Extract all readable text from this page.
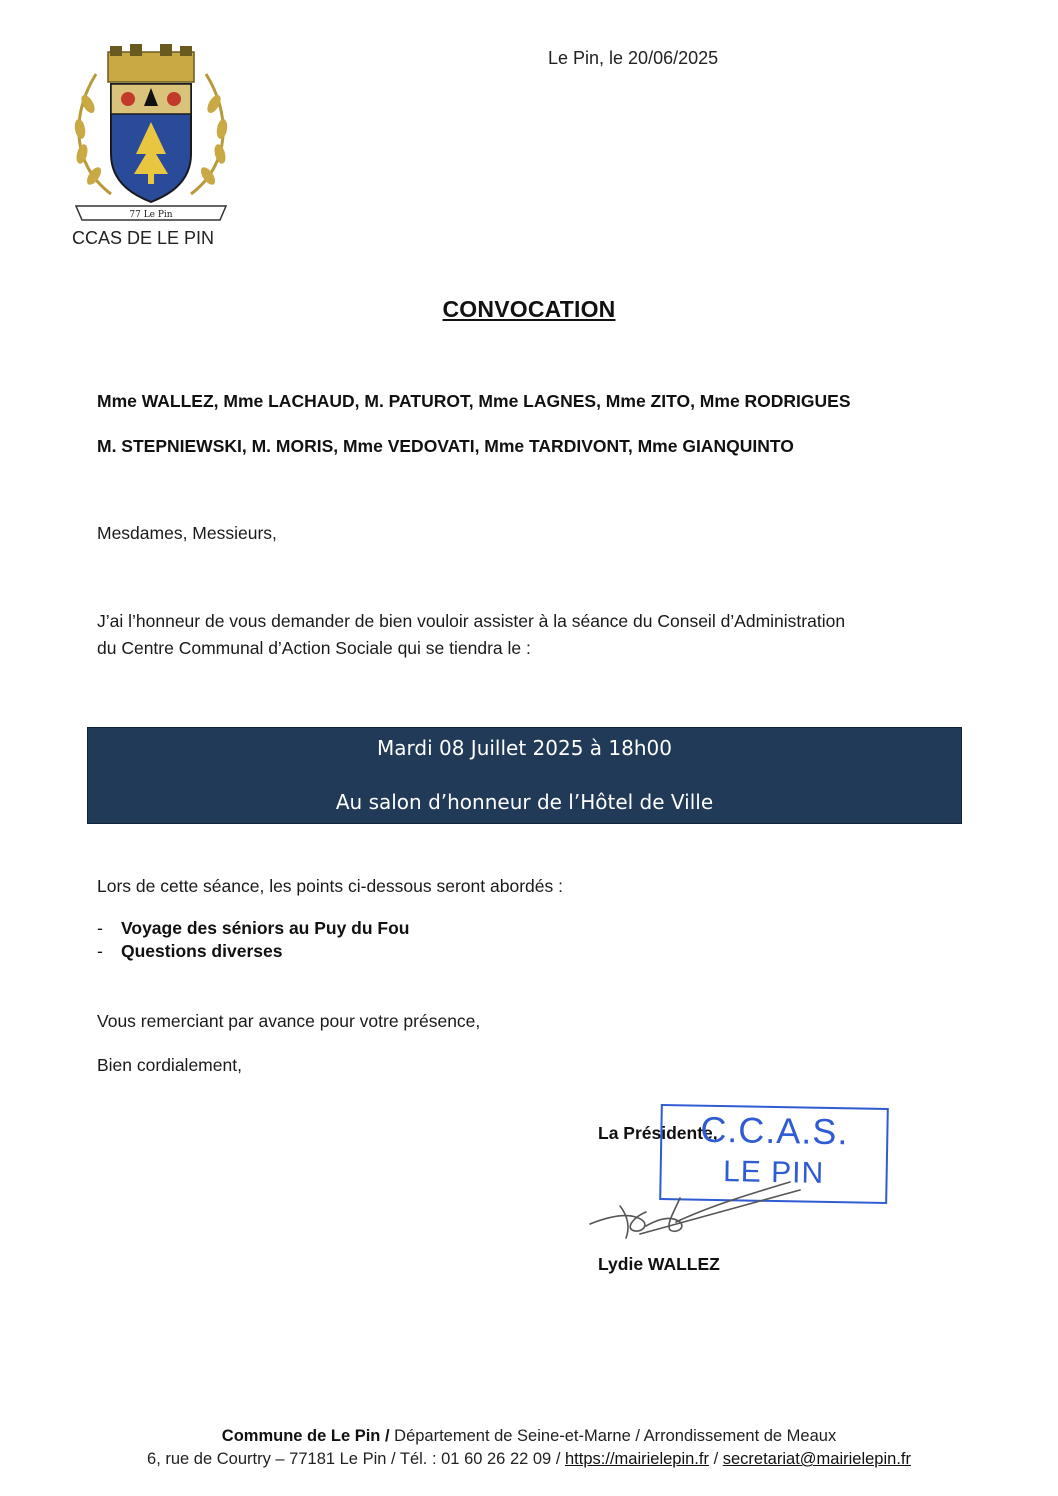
77 Le Pin
CCAS DE LE PIN
Le Pin, le 20/06/2025
CONVOCATION
Mme WALLEZ, Mme LACHAUD, M. PATUROT, Mme LAGNES, Mme ZITO, Mme RODRIGUES
M. STEPNIEWSKI, M. MORIS, Mme VEDOVATI, Mme TARDIVONT, Mme GIANQUINTO
Mesdames, Messieurs,
J’ai l’honneur de vous demander de bien vouloir assister à la séance du Conseil d’Administration
du Centre Communal d’Action Sociale qui se tiendra le :
Mardi 08 Juillet 2025 à 18h00
Au salon d’honneur de l’Hôtel de Ville
Lors de cette séance, les points ci-dessous seront abordés :
- Voyage des séniors au Puy du Fou
- Questions diverses
Vous remerciant par avance pour votre présence,
Bien cordialement,
La Présidente,
C.C.A.S.
LE PIN
Lydie WALLEZ
Commune de Le Pin / Département de Seine-et-Marne / Arrondissement de Meaux
6, rue de Courtry – 77181 Le Pin / Tél. : 01 60 26 22 09 / https://mairielepin.fr / secretariat@mairielepin.fr
